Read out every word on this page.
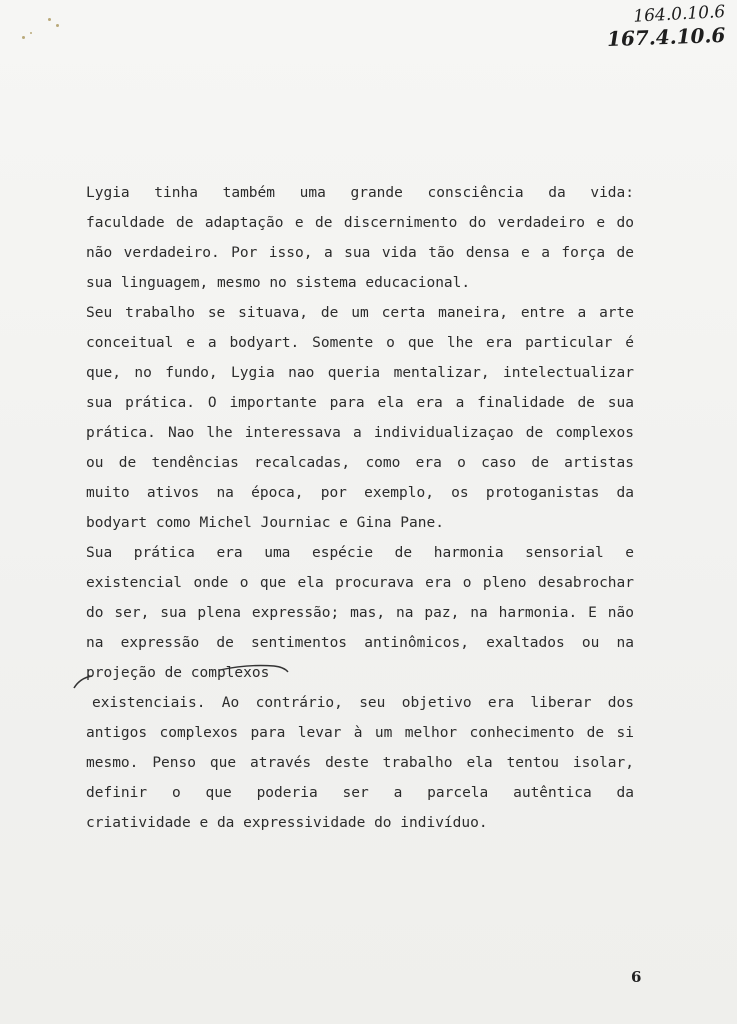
164.0.10.6
167.4.10.6
Lygia tinha também uma grande consciência da vida:
faculdade de adaptação e de discernimento do verdadeiro e do
não verdadeiro. Por isso, a sua vida tão densa e a força de
sua linguagem, mesmo no sistema educacional.
Seu trabalho se situava, de um certa maneira, entre a arte
conceitual e a bodyart. Somente o que lhe era particular é
que, no fundo, Lygia nao queria mentalizar, intelectualizar
sua prática. O importante para ela era a finalidade de sua
prática. Nao lhe interessava a individualizaçao de complexos
ou de tendências recalcadas, como era o caso de artistas
muito ativos na época, por exemplo, os protoganistas da
bodyart como Michel Journiac e Gina Pane.
Sua prática era uma espécie de harmonia sensorial e
existencial onde o que ela procurava era o pleno desabrochar
do ser, sua plena expressão; mas, na paz, na harmonia. E não
na expressão de sentimentos antinômicos, exaltados ou na
projeção de complexos
existenciais. Ao contrário, seu objetivo era liberar dos
antigos complexos para levar à um melhor conhecimento de si
mesmo. Penso que através deste trabalho ela tentou isolar,
definir o que poderia ser a parcela autêntica da
criatividade e da expressividade do indivíduo.
6
